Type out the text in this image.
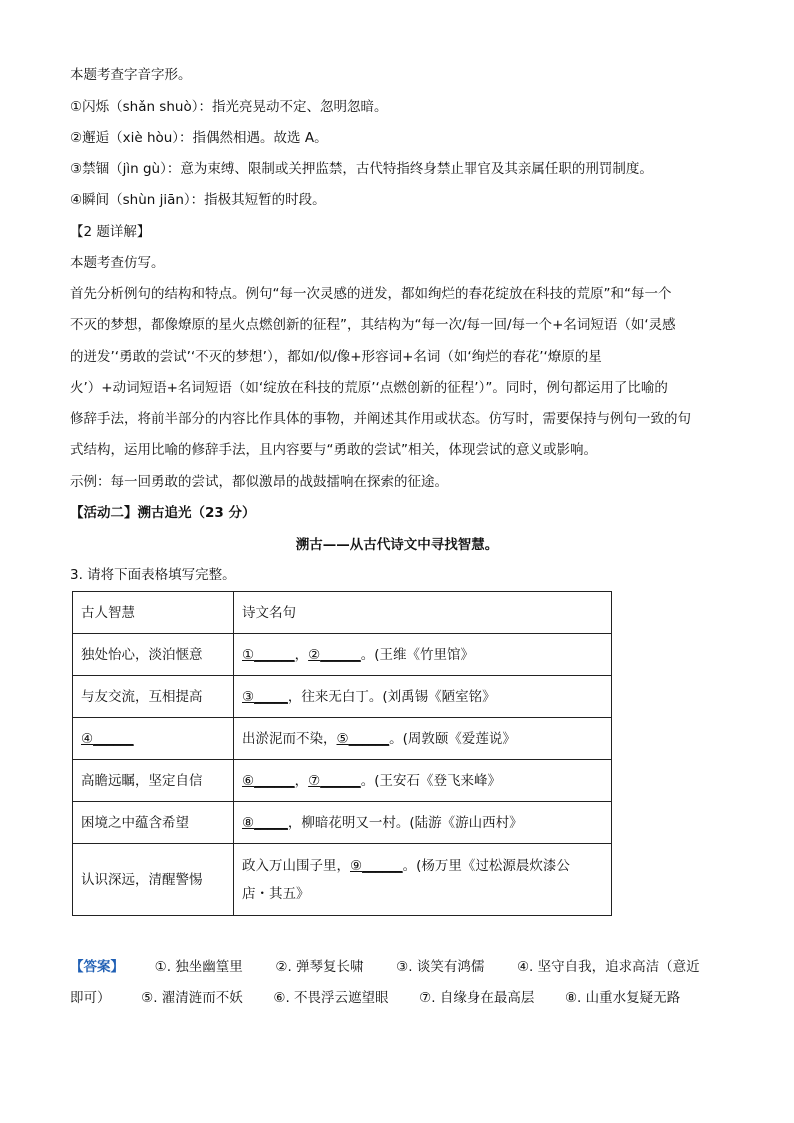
本题考查字音字形。
①闪烁（shǎn shuò）：指光亮晃动不定、忽明忽暗。
②邂逅（xiè hòu）：指偶然相遇。故选 A。
③禁锢（jìn gù）：意为束缚、限制或关押监禁，古代特指终身禁止罪官及其亲属任职的刑罚制度。
④瞬间（shùn jiān）：指极其短暂的时段。
【2 题详解】
本题考查仿写。
首先分析例句的结构和特点。例句“每一次灵感的迸发，都如绚烂的春花绽放在科技的荒原”和“每一个
不灭的梦想，都像燎原的星火点燃创新的征程”，其结构为“每一次/每一回/每一个+名词短语（如‘灵感
的迸发’‘勇敢的尝试’‘不灭的梦想’），都如/似/像+形容词+名词（如‘绚烂的春花’‘燎原的星
火’）+动词短语+名词短语（如‘绽放在科技的荒原’‘点燃创新的征程’）”。同时，例句都运用了比喻的
修辞手法，将前半部分的内容比作具体的事物，并阐述其作用或状态。仿写时，需要保持与例句一致的句
式结构，运用比喻的修辞手法，且内容要与“勇敢的尝试”相关，体现尝试的意义或影响。
示例：每一回勇敢的尝试，都似激昂的战鼓擂响在探索的征途。
【活动二】溯古追光（23 分）
溯古——从古代诗文中寻找智慧。
3. 请将下面表格填写完整。
古人智慧	诗文名句
独处怡心，淡泊惬意	①______，②______。(王维《竹里馆》
与友交流，互相提高	③_____，往来无白丁。(刘禹锡《陋室铭》
④______	出淤泥而不染，⑤______。(周敦颐《爱莲说》
高瞻远瞩，坚定自信	⑥______，⑦______。(王安石《登飞来峰》
困境之中蕴含希望	⑧_____，柳暗花明又一村。(陆游《游山西村》
认识深远，清醒警惕	政入万山围子里，⑨______。(杨万里《过松源晨炊漆公
店・其五》
【答案】 ①. 独坐幽篁里 ②. 弹琴复长啸 ③. 谈笑有鸿儒 ④. 坚守自我，追求高洁（意近
即可） ⑤. 濯清涟而不妖 ⑥. 不畏浮云遮望眼 ⑦. 自缘身在最高层 ⑧. 山重水复疑无路
